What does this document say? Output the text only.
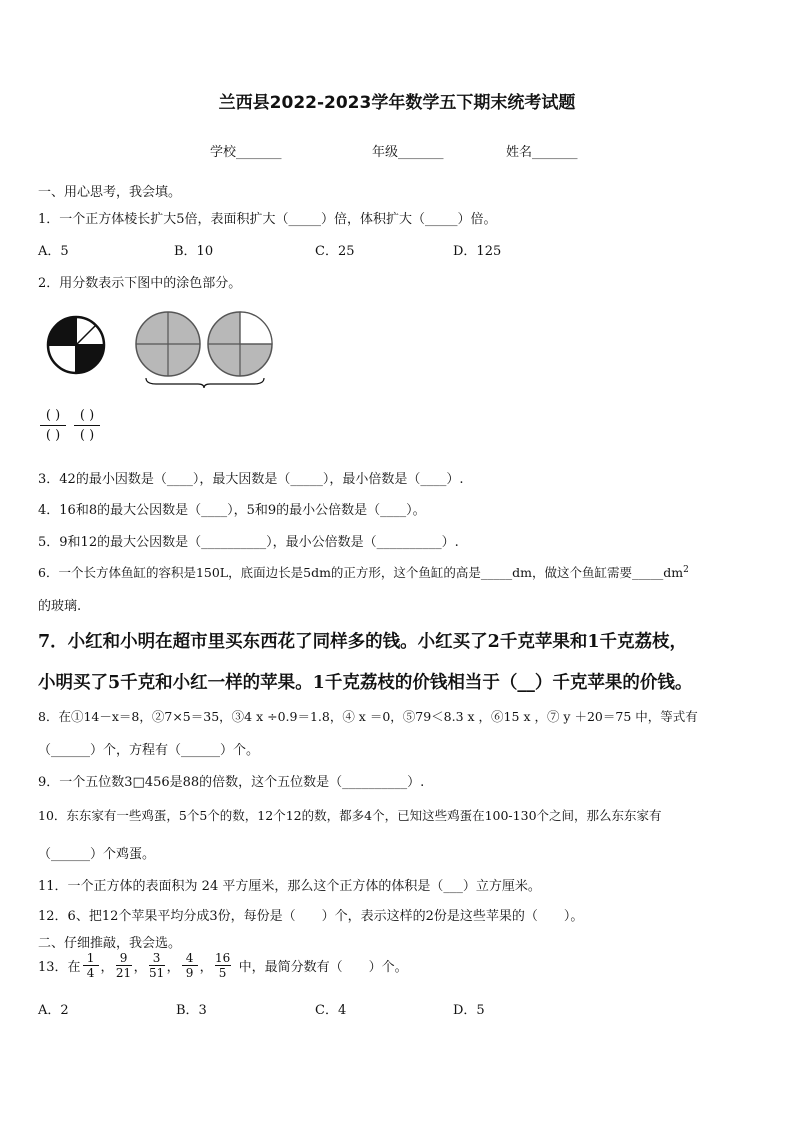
兰西县2022-2023学年数学五下期末统考试题
学校_______	年级_______	姓名_______
一、用心思考，我会填。
1．一个正方体棱长扩大5倍，表面积扩大（_____）倍，体积扩大（_____）倍。
A．5	B．10	C．25	D．125
2．用分数表示下图中的涂色部分。
( )
( )
( )
( )
3．42的最小因数是（____），最大因数是（_____），最小倍数是（____）.
4．16和8的最大公因数是（____），5和9的最小公倍数是（____）。
5．9和12的最大公因数是（__________），最小公倍数是（__________）.
6．一个长方体鱼缸的容积是150L，底面边长是5dm的正方形，这个鱼缸的高是_____dm，做这个鱼缸需要$\_\_\_\_\_dm^2$
的玻璃.
7．小红和小明在超市里买东西花了同样多的钱。小红买了2千克苹果和1千克荔枝，
小明买了5千克和小红一样的苹果。1千克荔枝的价钱相当于（__）千克苹果的价钱。
8．在①14－x＝8，②7×5＝35，③4 x ÷0.9＝1.8，④ x ＝0，⑤79＜8.3 x ，⑥15 x ，⑦ y ＋20＝75 中，等式有
（______）个，方程有（______）个。
9．一个五位数3□456是88的倍数，这个五位数是（__________）.
10．东东家有一些鸡蛋，5个5个的数，12个12的数，都多4个，已知这些鸡蛋在100-130个之间，那么东东家有
（______）个鸡蛋。
11．一个正方体的表面积为 24 平方厘米，那么这个正方体的体积是（___）立方厘米。
12．6、把12个苹果平均分成3份，每份是（　　）个，表示这样的2份是这些苹果的（　　）。
二、仔细推敲，我会选。
13．在 $\frac{1}{4}$ ， $\frac{9}{21}$ ， $\frac{3}{51}$ ， $\frac{4}{9}$ ， $\frac{16}{5}$ 中，最简分数有（　　）个。
A．2	B．3	C．4	D．5
